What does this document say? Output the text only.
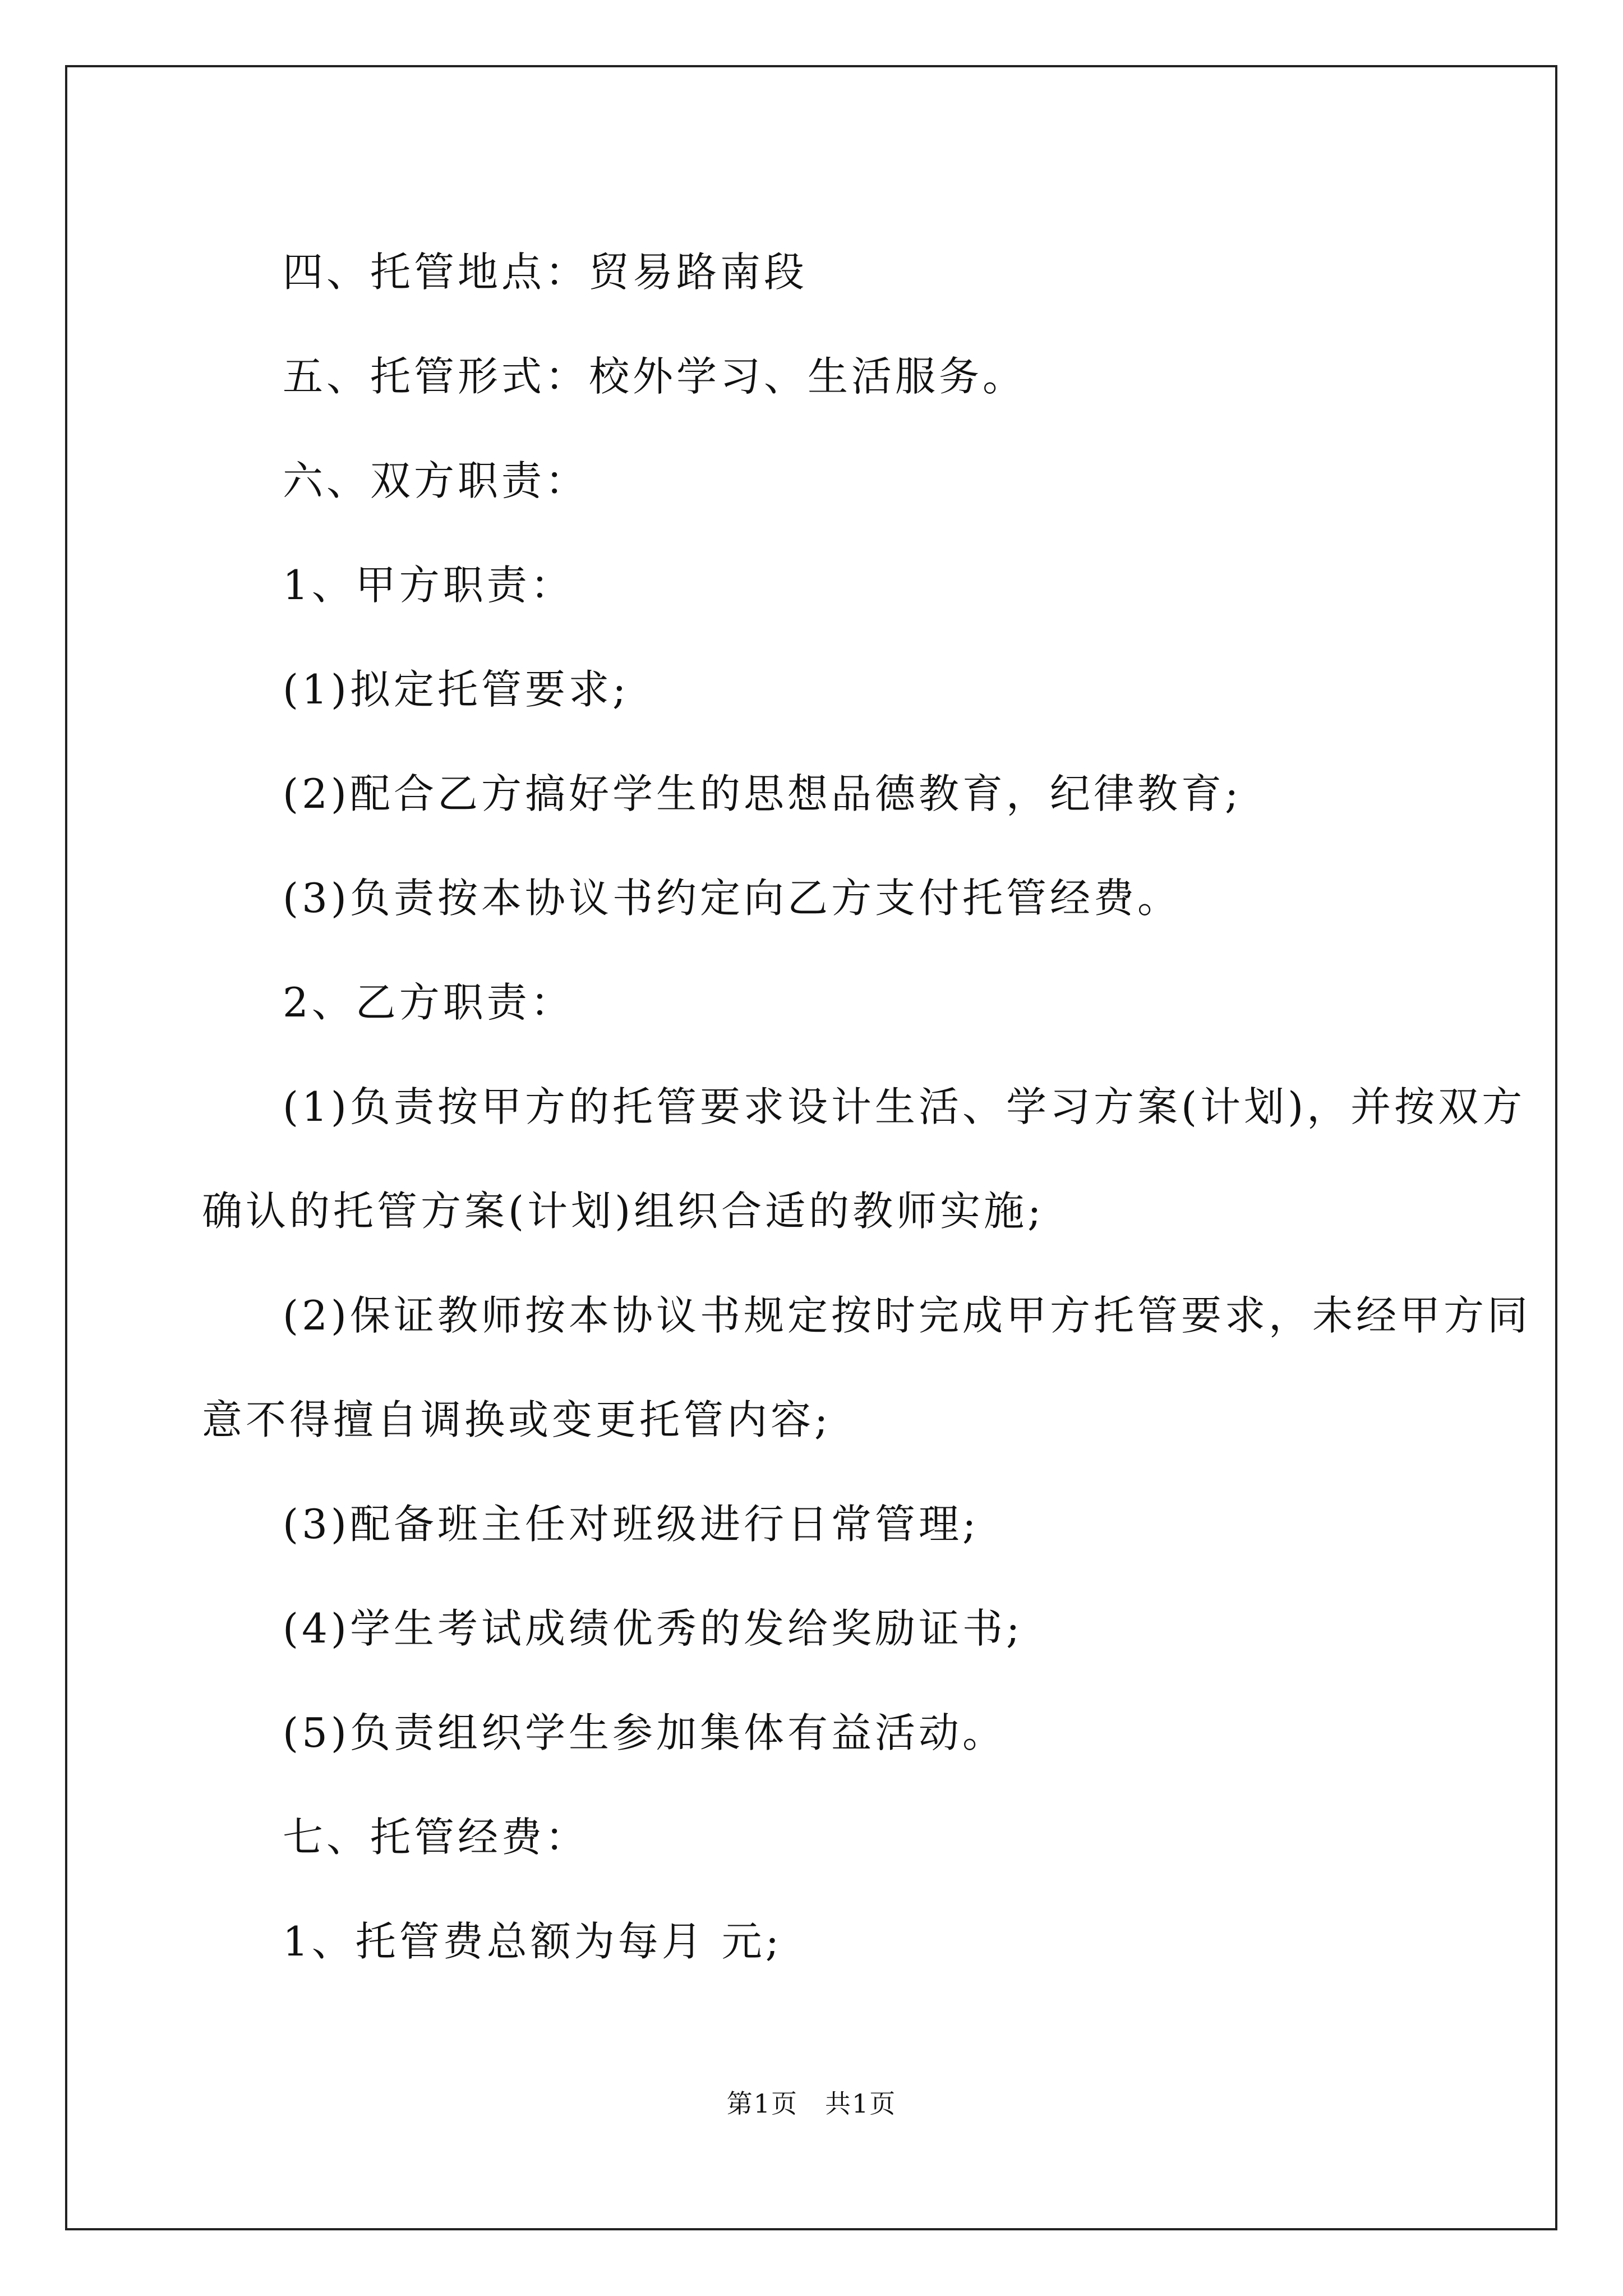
四、托管地点：贸易路南段
五、托管形式：校外学习、生活服务。
六、双方职责：
1、甲方职责：
(1)拟定托管要求;
(2)配合乙方搞好学生的思想品德教育，纪律教育;
(3)负责按本协议书约定向乙方支付托管经费。
2、乙方职责：
(1)负责按甲方的托管要求设计生活、学习方案(计划)，并按双方
确认的托管方案(计划)组织合适的教师实施;
(2)保证教师按本协议书规定按时完成甲方托管要求，未经甲方同
意不得擅自调换或变更托管内容;
(3)配备班主任对班级进行日常管理;
(4)学生考试成绩优秀的发给奖励证书;
(5)负责组织学生参加集体有益活动。
七、托管经费：
1、托管费总额为每月 元;
第1页　共1页
